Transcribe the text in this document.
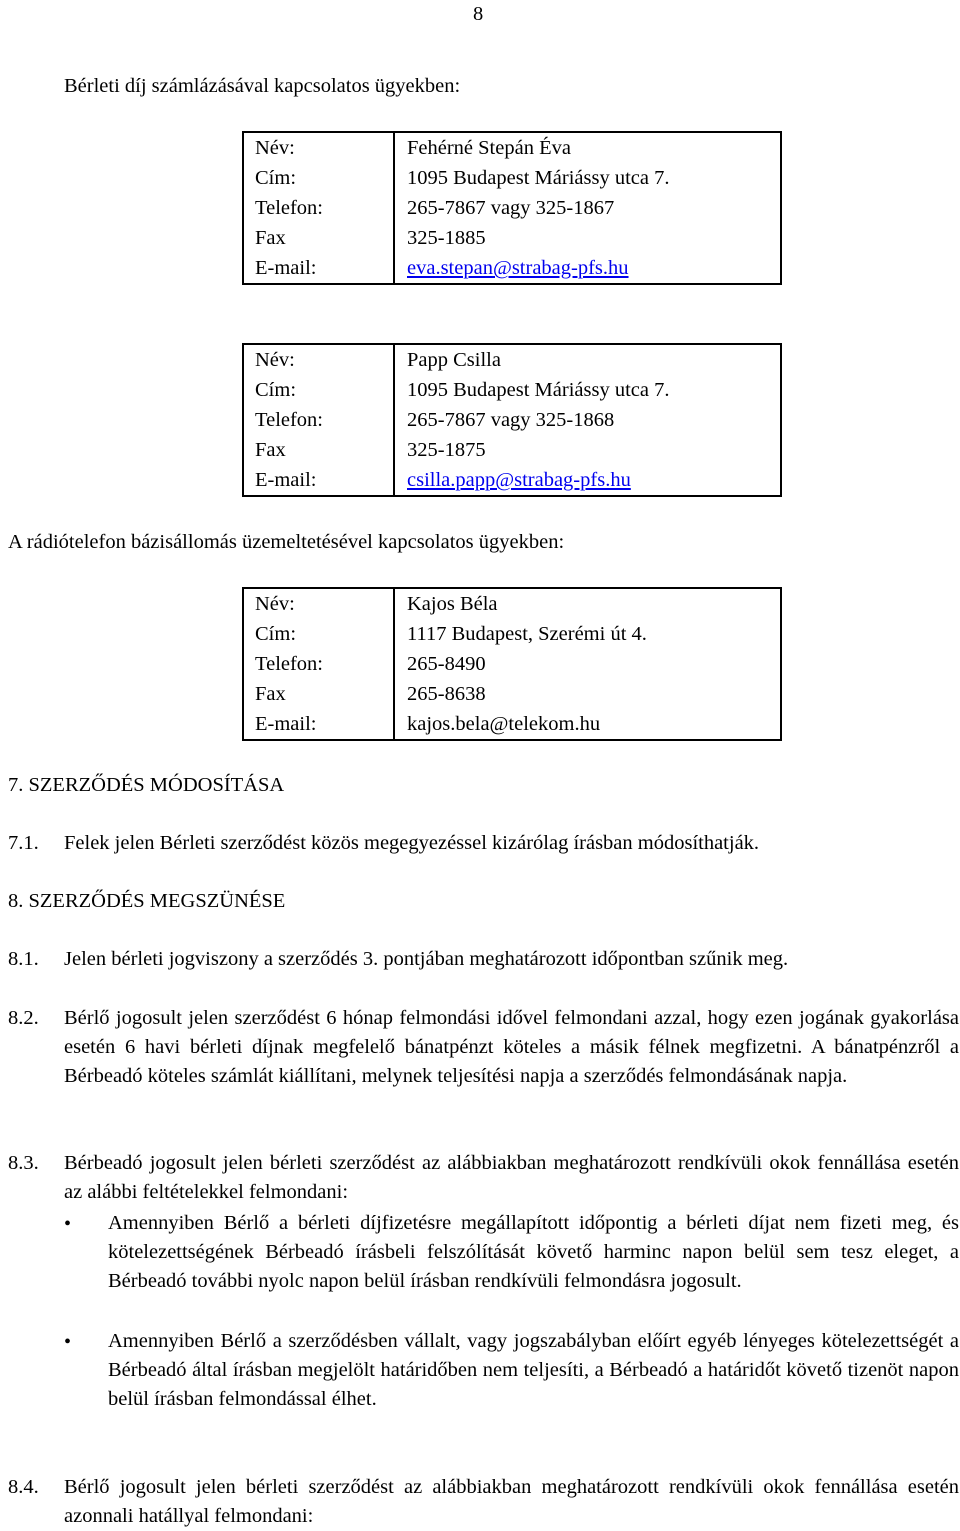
8
Bérleti díj számlázásával kapcsolatos ügyekben:
Név:	Fehérné Stepán Éva
Cím:	1095 Budapest Máriássy utca 7.
Telefon:	265-7867 vagy 325-1867
Fax	325-1885
E-mail:	eva.stepan@strabag-pfs.hu
Név:	Papp Csilla
Cím:	1095 Budapest Máriássy utca 7.
Telefon:	265-7867 vagy 325-1868
Fax	325-1875
E-mail:	csilla.papp@strabag-pfs.hu
A rádiótelefon bázisállomás üzemeltetésével kapcsolatos ügyekben:
Név:	Kajos Béla
Cím:	1117 Budapest, Szerémi út 4.
Telefon:	265-8490
Fax	265-8638
E-mail:	kajos.bela@telekom.hu
7. SZERZŐDÉS MÓDOSÍTÁSA
7.1. Felek jelen Bérleti szerződést közös megegyezéssel kizárólag írásban módosíthatják.
8. SZERZŐDÉS MEGSZÜNÉSE
8.1. Jelen bérleti jogviszony a szerződés 3. pontjában meghatározott időpontban szűnik meg.
8.2. Bérlő jogosult jelen szerződést 6 hónap felmondási idővel felmondani azzal, hogy ezen jogának gyakorlása esetén 6 havi bérleti díjnak megfelelő bánatpénzt köteles a másik félnek megfizetni. A bánatpénzről a Bérbeadó köteles számlát kiállítani, melynek teljesítési napja a szerződés felmondásának napja.
8.3. Bérbeadó jogosult jelen bérleti szerződést az alábbiakban meghatározott rendkívüli okok fennállása esetén az alábbi feltételekkel felmondani:
• Amennyiben Bérlő a bérleti díjfizetésre megállapított időpontig a bérleti díjat nem fizeti meg, és kötelezettségének Bérbeadó írásbeli felszólítását követő harminc napon belül sem tesz eleget, a Bérbeadó további nyolc napon belül írásban rendkívüli felmondásra jogosult.
• Amennyiben Bérlő a szerződésben vállalt, vagy jogszabályban előírt egyéb lényeges kötelezettségét a Bérbeadó által írásban megjelölt határidőben nem teljesíti, a Bérbeadó a határidőt követő tizenöt napon belül írásban felmondással élhet.
8.4. Bérlő jogosult jelen bérleti szerződést az alábbiakban meghatározott rendkívüli okok fennállása esetén azonnali hatállyal felmondani:
